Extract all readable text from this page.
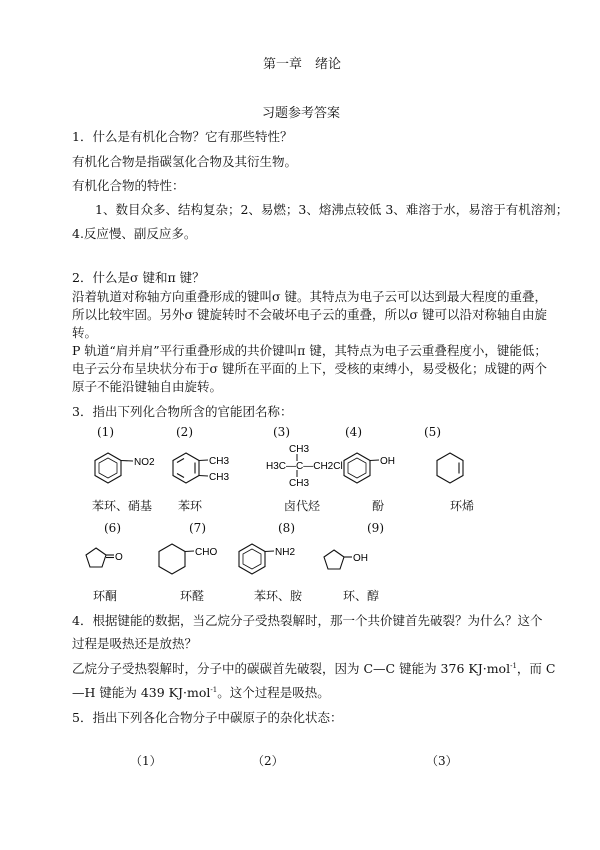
第一章　绪论
习题参考答案
1．什么是有机化合物？它有那些特性？
有机化合物是指碳氢化合物及其衍生物。
有机化合物的特性：
1、数目众多、结构复杂；2、易燃；3、熔沸点较低 3、难溶于水，易溶于有机溶剂；
4.反应慢、副反应多。
2．什么是σ 键和π 键？
沿着轨道对称轴方向重叠形成的键叫σ 键。其特点为电子云可以达到最大程度的重叠，
所以比较牢固。另外σ 键旋转时不会破坏电子云的重叠，所以σ 键可以沿对称轴自由旋
转。
P 轨道“肩并肩”平行重叠形成的共价键叫π 键，其特点为电子云重叠程度小，键能低；
电子云分布呈块状分布于σ 键所在平面的上下，受核的束缚小，易受极化；成键的两个
原子不能沿键轴自由旋转。
3．指出下列化合物所含的官能团名称：
(1)	(2)	(3)	(4)	(5)
NO2	CH3
CH3
CH3
H3C—C—CH2Cl
CH3
OH
苯环、硝基 苯环	卤代烃	酚	环烯
(6)	(7)	(8)	(9)
O	CHO	NH2
OH
环酮	环醛	苯环、胺	环、醇
4．根据键能的数据，当乙烷分子受热裂解时，那一个共价键首先破裂？为什么？这个
过程是吸热还是放热？
乙烷分子受热裂解时，分子中的碳碳首先破裂，因为 C—C 键能为 376 KJ·mol$^{-1}$，而 C
—H 键能为 439 KJ·mol$^{-1}$。这个过程是吸热。
5．指出下列各化合物分子中碳原子的杂化状态：
（1）	（2）	（3）
